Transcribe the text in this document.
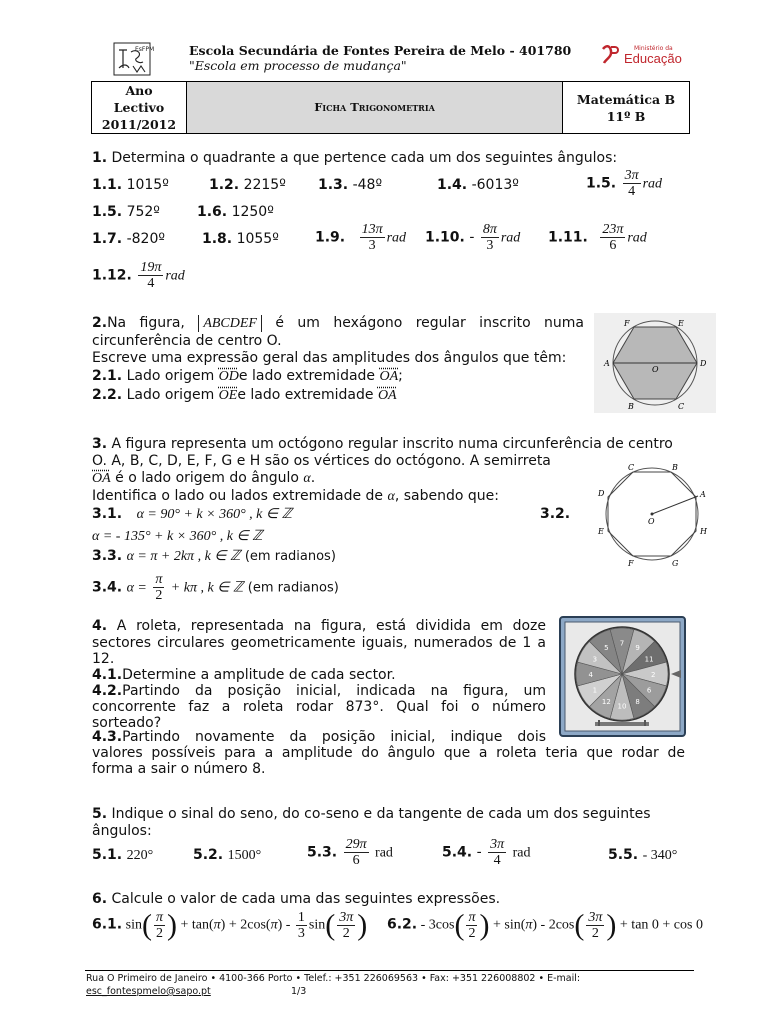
EsFPM	Escola Secundária de Fontes Pereira de Melo - 401780
"Escola em processo de mudança"
Ministério da
Educação
Ano
Lectivo
2011/2012
	Ficha Trigonometria	
Matemática B
11º B
1. Determina o quadrante a que pertence cada um dos seguintes ângulos:
1.1. 1015º	1.2. 2215º 1.3. -48º	1.4. -6013º	1.5. $\frac{3\pi}{4}$ rad
1.5. 752º	1.6. 1250º
1.7. -820º	1.8. 1055º	1.9. $\frac{13\pi}{3}$ rad 1.10. - $\frac{8\pi}{3}$ rad 1.11. $\frac{23\pi}{6}$ rad
1.12. $\frac{19\pi}{4}$ rad
2.Na figura, ABCDEF é um hexágono regular inscrito numa
circunferência de centro O.
Escreve uma expressão geral das amplitudes dos ângulos que têm:
2.1. Lado origem ODe lado extremidade OA;
2.2. Lado origem OEe lado extremidade OA
F	E
A
O
D
B	C
3. A figura representa um octógono regular inscrito numa circunferência de centro
O. A, B, C, D, E, F, G e H são os vértices do octógono. A semirreta
OA é o lado origem do ângulo α.
Identifica o lado ou lados extremidade de α, sabendo que:
3.1. α = 90° + k × 360° , k ∈ ℤ	3.2.
α = - 135° + k × 360° , k ∈ ℤ
3.3. α = π + 2kπ , k ∈ ℤ (em radianos)
3.4. $\alpha = \frac{\pi}{2} + k\pi$ , k ∈ ℤ (em radianos)
C	B
D	A
O
E	H
F	G
4. A roleta, representada na figura, está dividida em doze
sectores circulares geometricamente iguais, numerados de 1 a
12.
4.1.Determine a amplitude de cada sector.
4.2.Partindo da posição inicial, indicada na figura, um
concorrente faz a roleta rodar 873°. Qual foi o número
sorteado?
4.3.Partindo novamente da posição inicial, indique dois
valores possíveis para a amplitude do ângulo que a roleta teria que rodar de
forma a sair o número 8.
7
9
11
2
6
8
10
12
1
4
3
5
5. Indique o sinal do seno, do co-seno e da tangente de cada um dos seguintes
ângulos:
5.1. 220°	5.2. 1500°	5.3. $\frac{29\pi}{6}$ rad	5.4. - $\frac{3\pi}{4}$ rad	5.5. - 340°
6. Calcule o valor de cada uma das seguintes expressões.
6.1. $\sin( \frac{\pi}{2}$ ) + $\tan(\pi) + 2\cos(\pi) - \frac{1}{3} \sin( \frac{3\pi}{2}$ ) 6.2. - $3\cos( \frac{\pi}{2}$ ) + $\sin(\pi) - 2\cos( \frac{3\pi}{2}$ ) + tan 0 + cos 0
Rua O Primeiro de Janeiro • 4100-366 Porto • Telef.: +351 226069563 • Fax: +351 226008802 • E-mail:
esc_fontespmelo@sapo.pt	1/3
